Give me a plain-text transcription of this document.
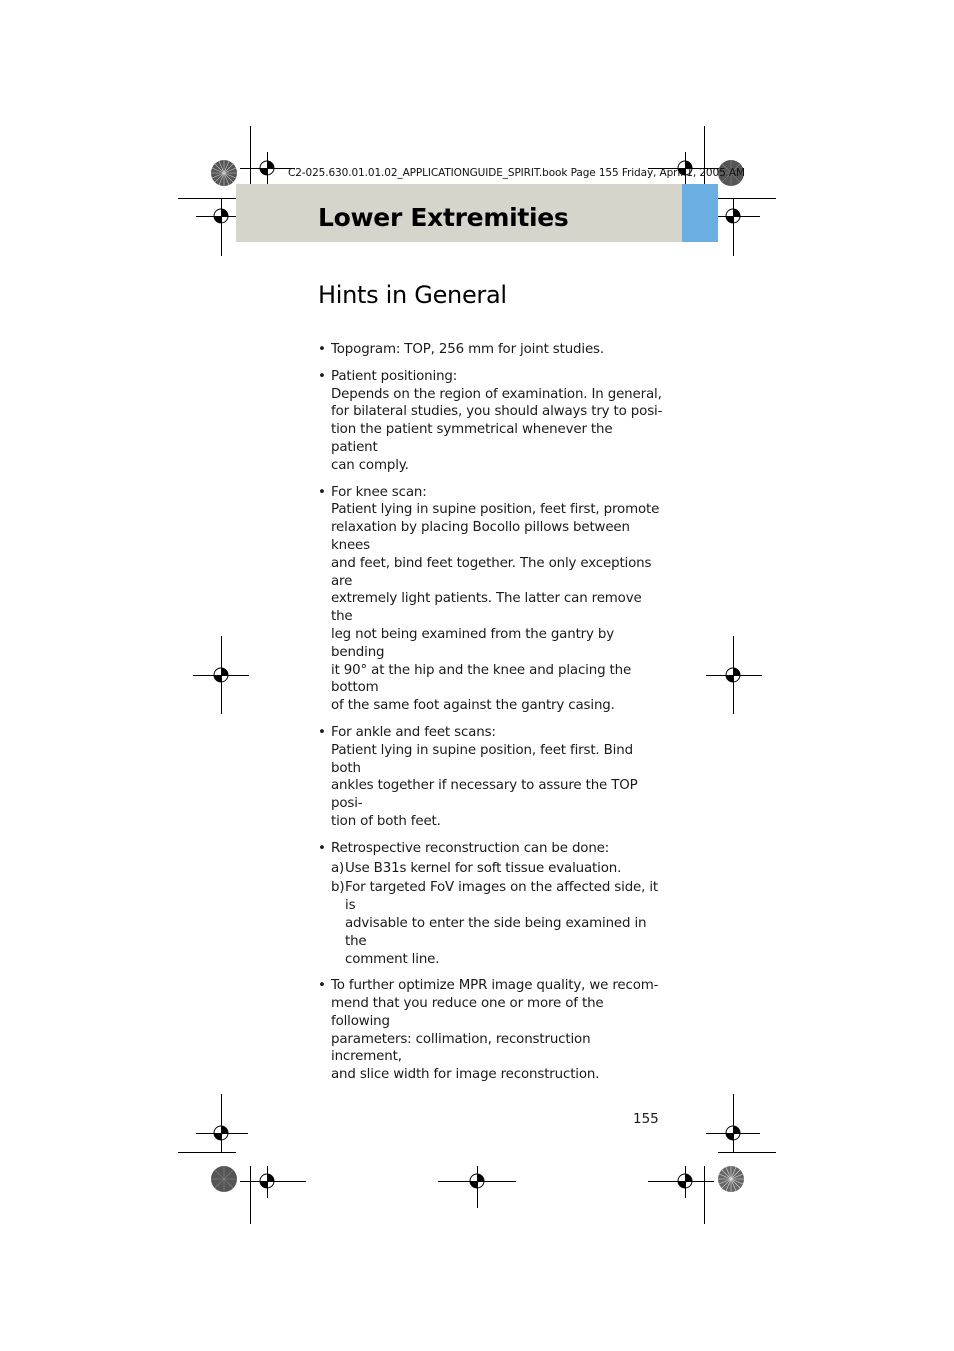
C2-025.630.01.01.02_APPLICATIONGUIDE_SPIRIT.book Page 155 Friday, April 1, 2005 AM
Lower Extremities
Hints in General
• Topogram: TOP, 256 mm for joint studies.
• Patient positioning:
Depends on the region of examination. In general,
for bilateral studies, you should always try to posi-
tion the patient symmetrical whenever the patient
can comply.
• For knee scan:
Patient lying in supine position, feet first, promote
relaxation by placing Bocollo pillows between knees
and feet, bind feet together. The only exceptions are
extremely light patients. The latter can remove the
leg not being examined from the gantry by bending
it 90° at the hip and the knee and placing the bottom
of the same foot against the gantry casing.
• For ankle and feet scans:
Patient lying in supine position, feet first. Bind both
ankles together if necessary to assure the TOP posi-
tion of both feet.
• Retrospective reconstruction can be done:
a) Use B31s kernel for soft tissue evaluation.
b) For targeted FoV images on the affected side, it is
advisable to enter the side being examined in the
comment line.
• To further optimize MPR image quality, we recom-
mend that you reduce one or more of the following
parameters: collimation, reconstruction increment,
and slice width for image reconstruction.
155
